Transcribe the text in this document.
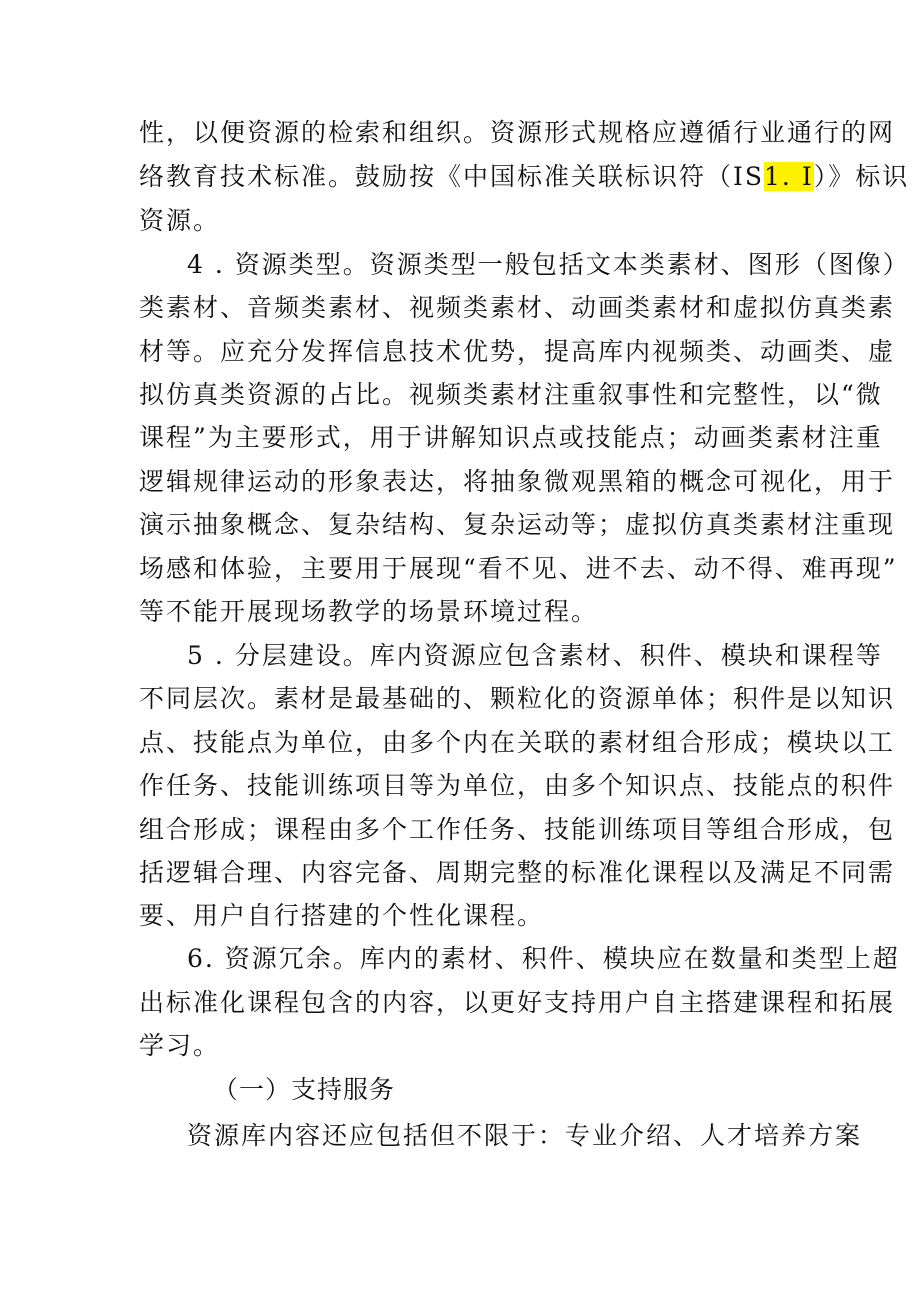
性，以便资源的检索和组织。资源形式规格应遵循行业通行的网
络教育技术标准。鼓励按《中国标准关联标识符（IS1. I）》标识
资源。
4 . 资源类型。资源类型一般包括文本类素材、图形（图像）
类素材、音频类素材、视频类素材、动画类素材和虚拟仿真类素
材等。应充分发挥信息技术优势，提高库内视频类、动画类、虚
拟仿真类资源的占比。视频类素材注重叙事性和完整性，以“微
课程”为主要形式，用于讲解知识点或技能点；动画类素材注重
逻辑规律运动的形象表达，将抽象微观黑箱的概念可视化，用于
演示抽象概念、复杂结构、复杂运动等；虚拟仿真类素材注重现
场感和体验，主要用于展现“看不见、进不去、动不得、难再现”
等不能开展现场教学的场景环境过程。
5 . 分层建设。库内资源应包含素材、积件、模块和课程等
不同层次。素材是最基础的、颗粒化的资源单体；积件是以知识
点、技能点为单位，由多个内在关联的素材组合形成；模块以工
作任务、技能训练项目等为单位，由多个知识点、技能点的积件
组合形成；课程由多个工作任务、技能训练项目等组合形成，包
括逻辑合理、内容完备、周期完整的标准化课程以及满足不同需
要、用户自行搭建的个性化课程。
6. 资源冗余。库内的素材、积件、模块应在数量和类型上超
出标准化课程包含的内容，以更好支持用户自主搭建课程和拓展
学习。
（一）支持服务
资源库内容还应包括但不限于：专业介绍、人才培养方案
